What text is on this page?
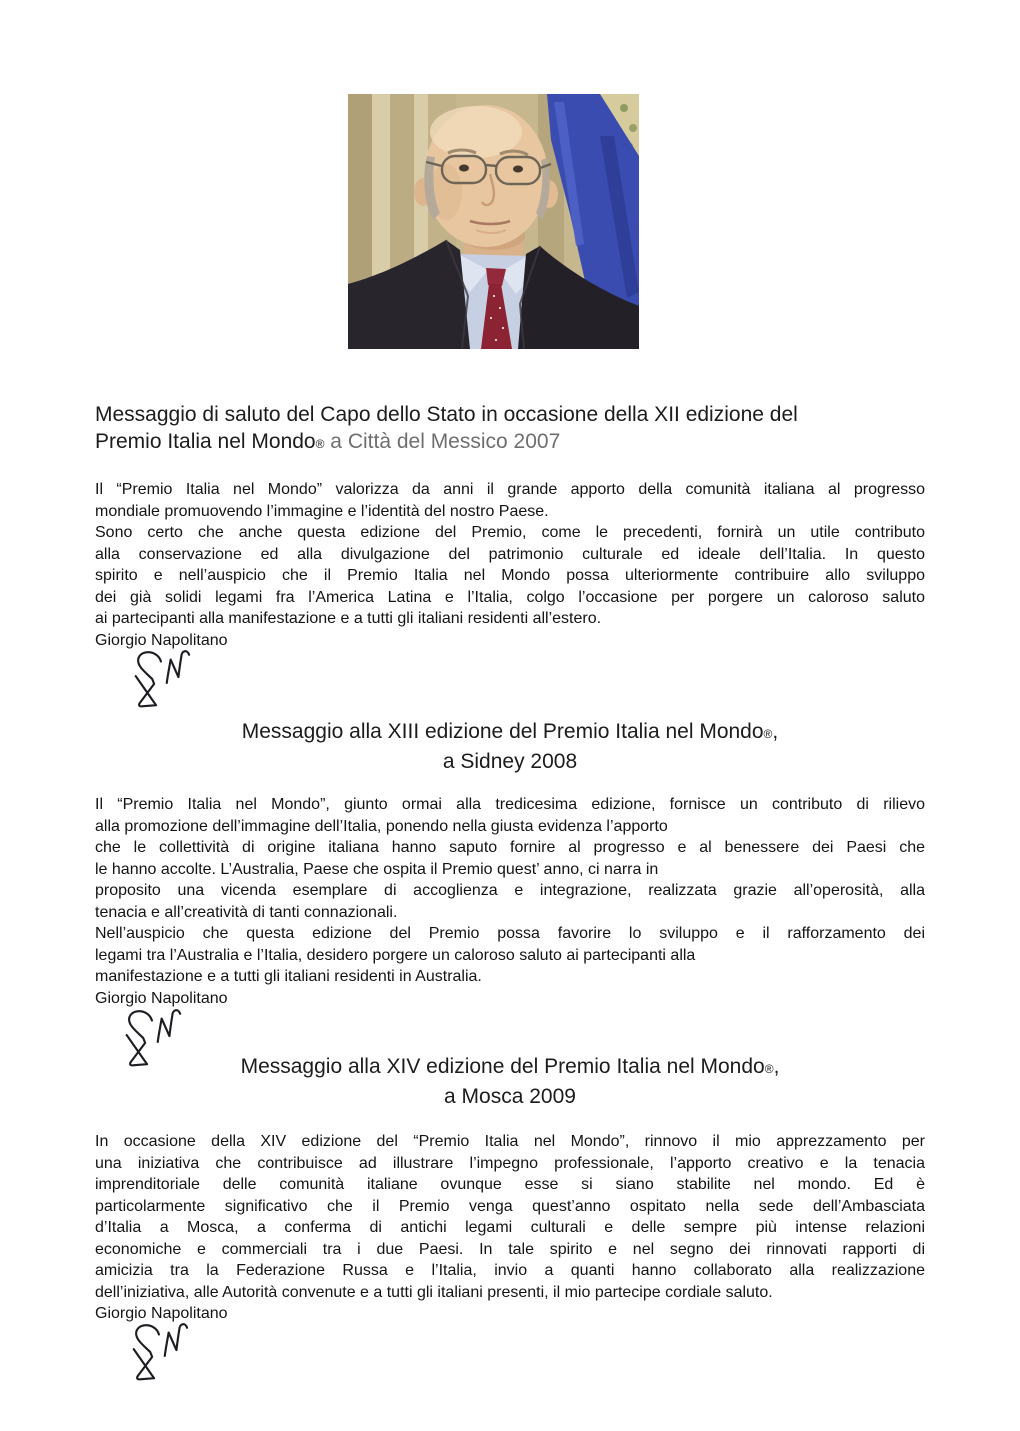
Messaggio di saluto del Capo dello Stato in occasione della XII edizione del
Premio Italia nel Mondo® a Città del Messico 2007
Il “Premio Italia nel Mondo” valorizza da anni il grande apporto della comunità italiana al progresso
mondiale promuovendo l’immagine e l’identità del nostro Paese.
Sono certo che anche questa edizione del Premio, come le precedenti, fornirà un utile contributo
alla conservazione ed alla divulgazione del patrimonio culturale ed ideale dell’Italia. In questo
spirito e nell’auspicio che il Premio Italia nel Mondo possa ulteriormente contribuire allo sviluppo
dei già solidi legami fra l’America Latina e l’Italia, colgo l’occasione per porgere un caloroso saluto
ai partecipanti alla manifestazione e a tutti gli italiani residenti all’estero.
Giorgio Napolitano
Messaggio alla XIII edizione del Premio Italia nel Mondo®,
a Sidney 2008
Il “Premio Italia nel Mondo”, giunto ormai alla tredicesima edizione, fornisce un contributo di rilievo
alla promozione dell’immagine dell’Italia, ponendo nella giusta evidenza l’apporto
che le collettività di origine italiana hanno saputo fornire al progresso e al benessere dei Paesi che
le hanno accolte. L’Australia, Paese che ospita il Premio quest’ anno, ci narra in
proposito una vicenda esemplare di accoglienza e integrazione, realizzata grazie all’operosità, alla
tenacia e all’creatività di tanti connazionali.
Nell’auspicio che questa edizione del Premio possa favorire lo sviluppo e il rafforzamento dei
legami tra l’Australia e l’Italia, desidero porgere un caloroso saluto ai partecipanti alla
manifestazione e a tutti gli italiani residenti in Australia.
Giorgio Napolitano
Messaggio alla XIV edizione del Premio Italia nel Mondo®,
a Mosca 2009
In occasione della XIV edizione del “Premio Italia nel Mondo”, rinnovo il mio apprezzamento per
una iniziativa che contribuisce ad illustrare l’impegno professionale, l’apporto creativo e la tenacia
imprenditoriale delle comunità italiane ovunque esse si siano stabilite nel mondo. Ed è
particolarmente significativo che il Premio venga quest’anno ospitato nella sede dell’Ambasciata
d’Italia a Mosca, a conferma di antichi legami culturali e delle sempre più intense relazioni
economiche e commerciali tra i due Paesi. In tale spirito e nel segno dei rinnovati rapporti di
amicizia tra la Federazione Russa e l’Italia, invio a quanti hanno collaborato alla realizzazione
dell’iniziativa, alle Autorità convenute e a tutti gli italiani presenti, il mio partecipe cordiale saluto.
Giorgio Napolitano
